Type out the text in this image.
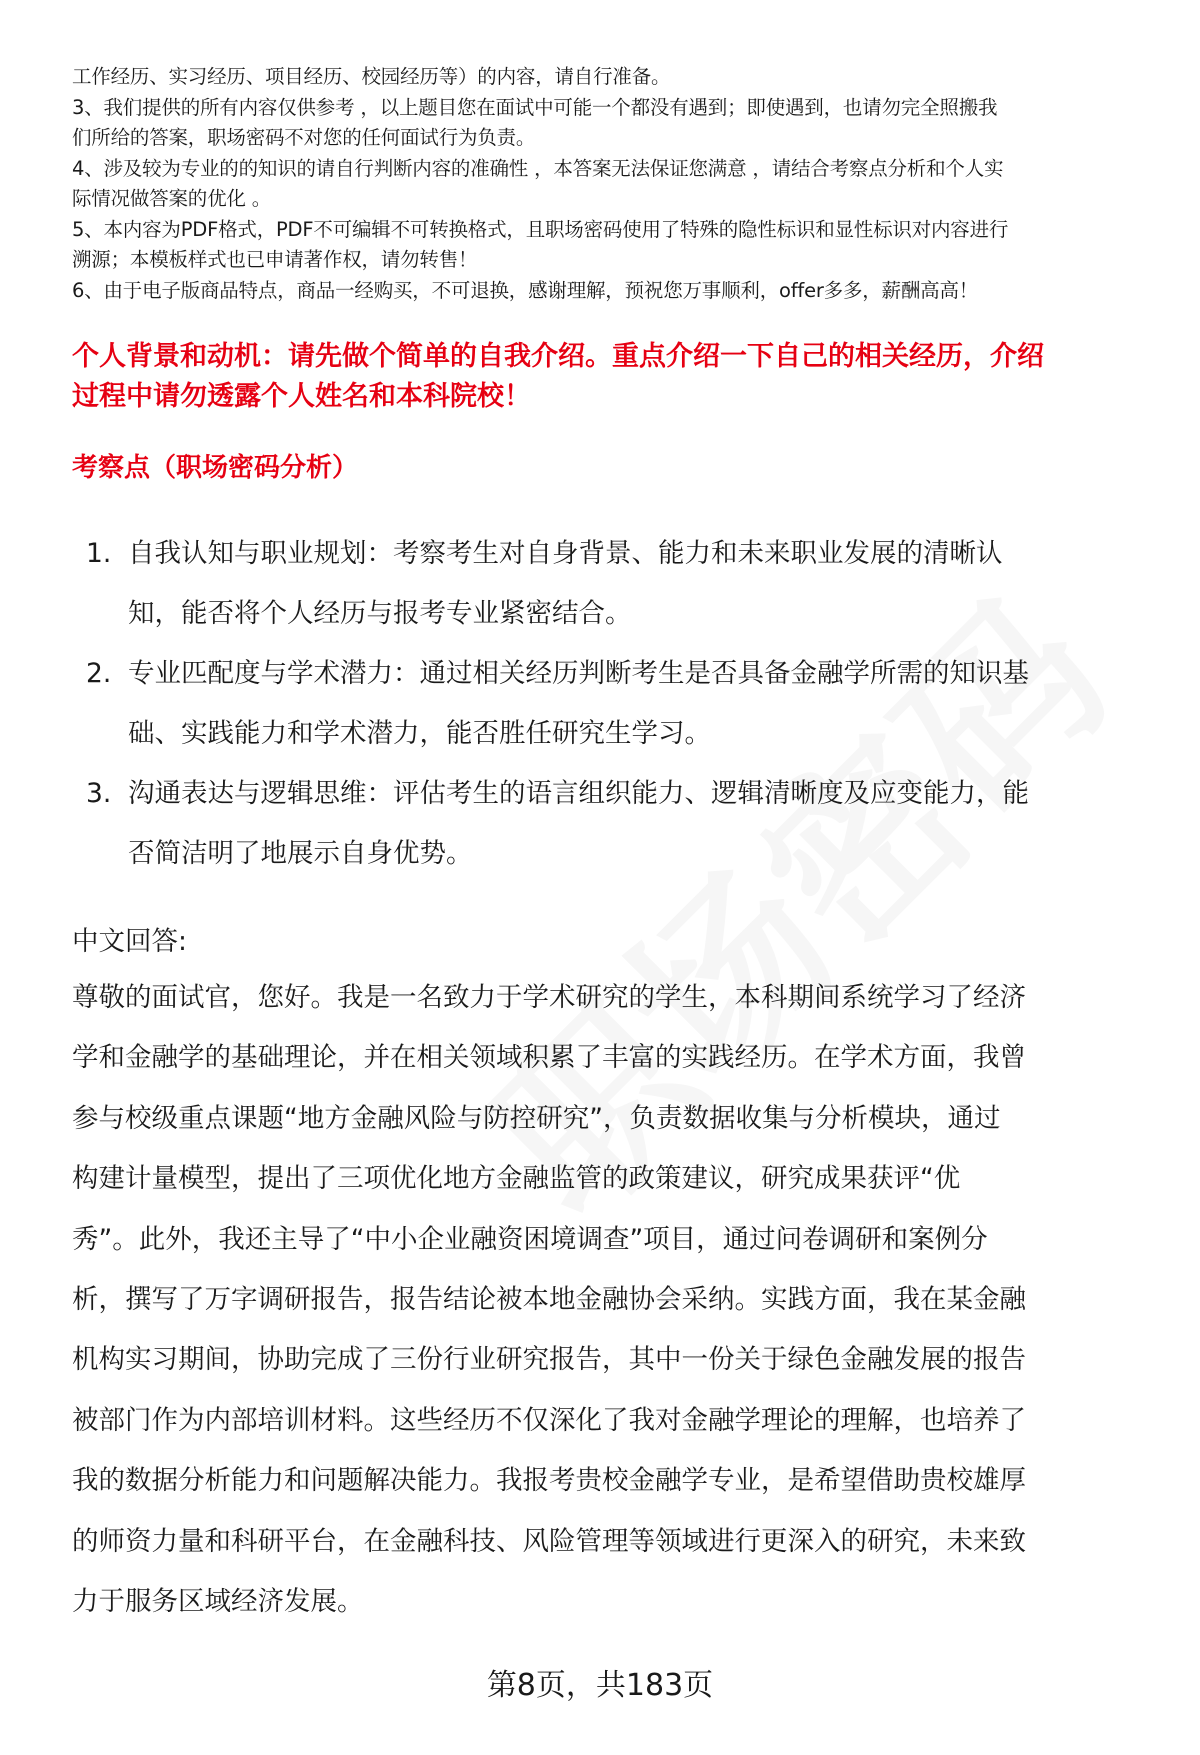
工作经历、实习经历、项目经历、校园经历等）的内容，请自行准备。

3、我们提供的所有内容仅供参考 ，以上题目您在面试中可能一个都没有遇到；即使遇到，也请勿完全照搬我

们所给的答案，职场密码不对您的任何面试行为负责。

4、涉及较为专业的的知识的请自行判断内容的准确性 ，本答案无法保证您满意 ，请结合考察点分析和个人实

际情况做答案的优化 。

5、本内容为PDF格式，PDF不可编辑不可转换格式，且职场密码使用了特殊的隐性标识和显性标识对内容进行

溯源；本模板样式也已申请著作权，请勿转售！

6、由于电子版商品特点，商品一经购买，不可退换，感谢理解，预祝您万事顺利，offer多多，薪酬高高！

个人背景和动机：请先做个简单的自我介绍。重点介绍一下自己的相关经历，介绍

过程中请勿透露个人姓名和本科院校！

考察点（职场密码分析）

1. 自我认知与职业规划：考察考生对自身背景、能力和未来职业发展的清晰认
知，能否将个人经历与报考专业紧密结合。
2. 专业匹配度与学术潜力：通过相关经历判断考生是否具备金融学所需的知识基
础、实践能力和学术潜力，能否胜任研究生学习。
3. 沟通表达与逻辑思维：评估考生的语言组织能力、逻辑清晰度及应变能力，能
否简洁明了地展示自身优势。

中文回答:

尊敬的面试官，您好。我是一名致力于学术研究的学生，本科期间系统学习了经济
学和金融学的基础理论，并在相关领域积累了丰富的实践经历。在学术方面，我曾
参与校级重点课题“地方金融风险与防控研究”，负责数据收集与分析模块，通过
构建计量模型，提出了三项优化地方金融监管的政策建议，研究成果获评“优
秀”。此外，我还主导了“中小企业融资困境调查”项目，通过问卷调研和案例分
析，撰写了万字调研报告，报告结论被本地金融协会采纳。实践方面，我在某金融
机构实习期间，协助完成了三份行业研究报告，其中一份关于绿色金融发展的报告
被部门作为内部培训材料。这些经历不仅深化了我对金融学理论的理解，也培养了
我的数据分析能力和问题解决能力。我报考贵校金融学专业，是希望借助贵校雄厚
的师资力量和科研平台，在金融科技、风险管理等领域进行更深入的研究，未来致
力于服务区域经济发展。
第8页，共183页
